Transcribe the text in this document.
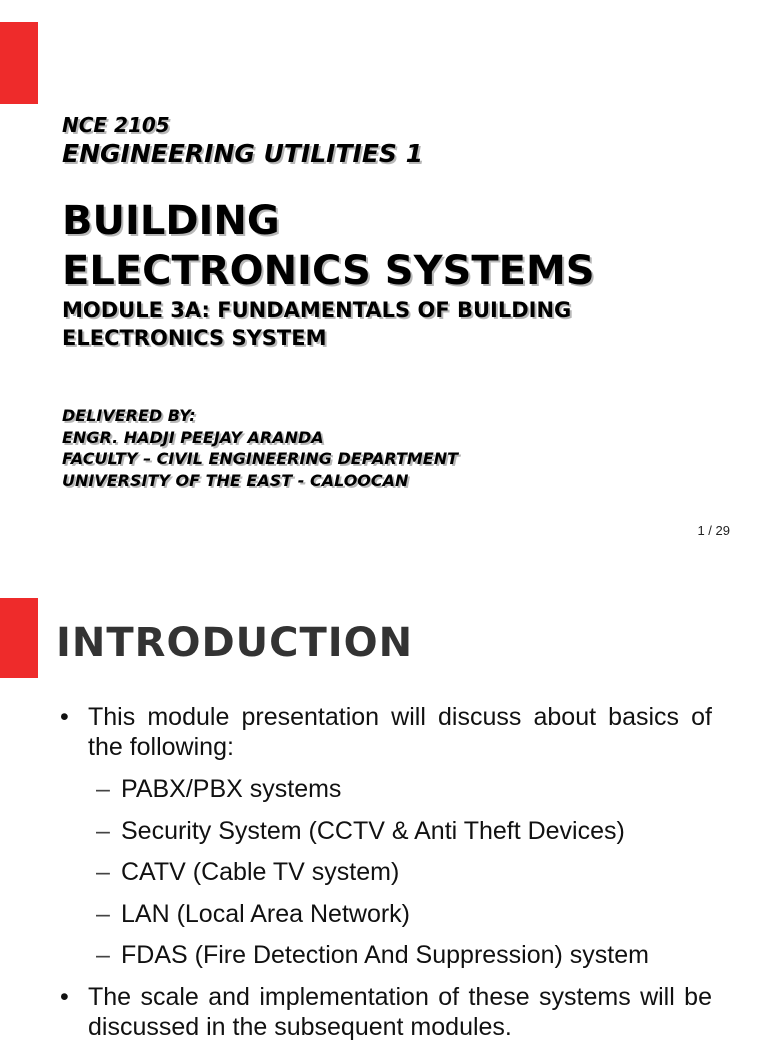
NCE 2105
ENGINEERING UTILITIES 1
BUILDING
ELECTRONICS SYSTEMS
MODULE 3A: FUNDAMENTALS OF BUILDING
ELECTRONICS SYSTEM
DELIVERED BY:
ENGR. HADJI PEEJAY ARANDA
FACULTY – CIVIL ENGINEERING DEPARTMENT
UNIVERSITY OF THE EAST - CALOOCAN
1 / 29
INTRODUCTION
• This module presentation will discuss about basics of the following:
– PABX/PBX systems
– Security System (CCTV & Anti Theft Devices)
– CATV (Cable TV system)
– LAN (Local Area Network)
– FDAS (Fire Detection And Suppression) system
• The scale and implementation of these systems will be discussed in the subsequent modules.
